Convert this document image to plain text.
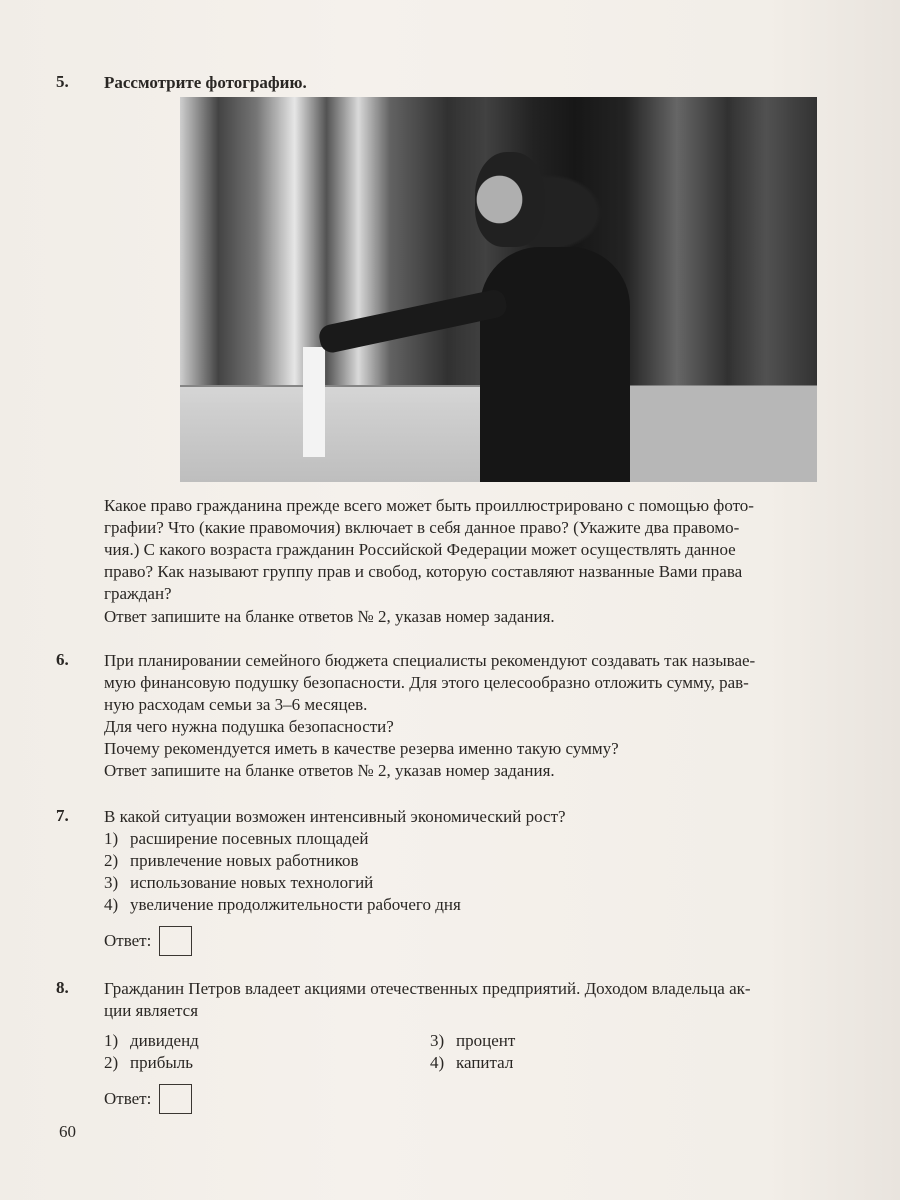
5. Рассмотрите фотографию.
Какое право гражданина прежде всего может быть проиллюстрировано с помощью фото-
графии? Что (какие правомочия) включает в себя данное право? (Укажите два правомо-
чия.) С какого возраста гражданин Российской Федерации может осуществлять данное
право? Как называют группу прав и свобод, которую составляют названные Вами права
граждан?
Ответ запишите на бланке ответов № 2, указав номер задания.
6. При планировании семейного бюджета специалисты рекомендуют создавать так называе-
мую финансовую подушку безопасности. Для этого целесообразно отложить сумму, рав-
ную расходам семьи за 3–6 месяцев.
Для чего нужна подушка безопасности?
Почему рекомендуется иметь в качестве резерва именно такую сумму?
Ответ запишите на бланке ответов № 2, указав номер задания.
7. В какой ситуации возможен интенсивный экономический рост?
1) расширение посевных площадей
2) привлечение новых работников
3) использование новых технологий
4) увеличение продолжительности рабочего дня
Ответ:
8. Гражданин Петров владеет акциями отечественных предприятий. Доходом владельца ак-
ции является
1) дивиденд	3) процент
2) прибыль	4) капитал
Ответ:
60
